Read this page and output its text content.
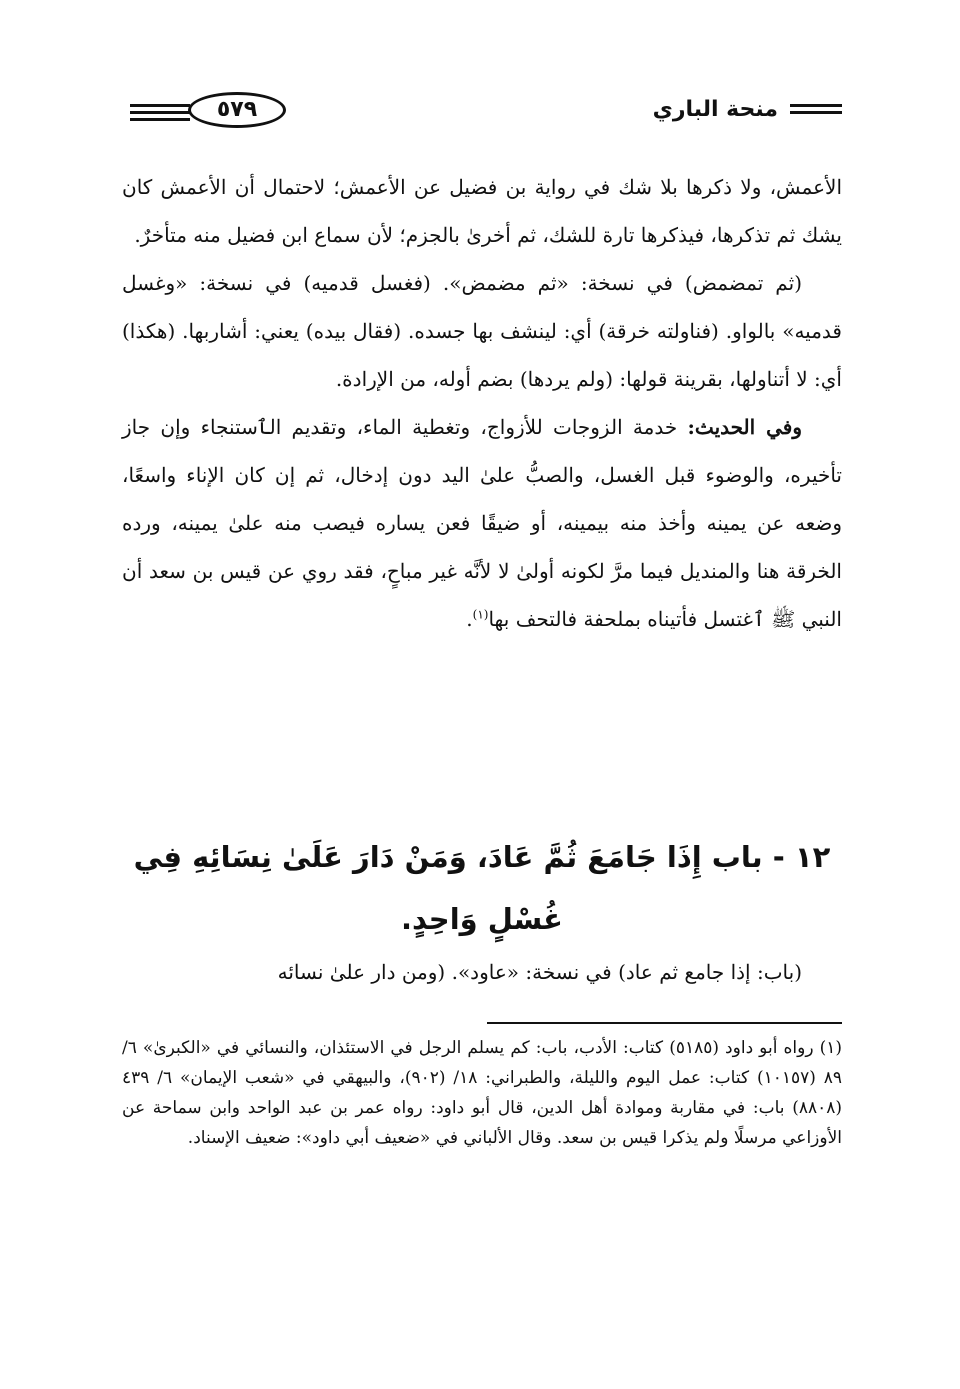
٥٧٩	منحة الباري

الأعمش، ولا ذكرها بلا شك في رواية بن فضيل عن الأعمش؛ لاحتمال أن الأعمش كان يشك ثم تذكرها، فيذكرها تارة للشك، ثم أخرىٰ بالجزم؛ لأن سماع ابن فضيل منه متأخرٌ.

(ثم تمضمض) في نسخة: «ثم مضمض». (فغسل قدميه) في نسخة: «وغسل قدميه» بالواو. (فناولته خرقة) أي: لينشف بها جسده. (فقال بيده) يعني: أشاربها. (هكذا) أي: لا أتناولها، بقرينة قولها: (ولم يردها) بضم أوله، من الإرادة.

وفي الحديث: خدمة الزوجات للأزواج، وتغطية الماء، وتقديم الٱستنجاء وإن جاز تأخيره، والوضوء قبل الغسل، والصبُّ علىٰ اليد دون إدخال، ثم إن كان الإناء واسعًا، وضعه عن يمينه وأخذ منه بيمينه، أو ضيقًا فعن يساره فيصب منه علىٰ يمينه، ورده الخرقة هنا والمنديل فيما مرَّ لكونه أولىٰ لا لأنَّه غير مباحٍ، فقد روي عن قيس بن سعد أن النبي ﷺ ٱغتسل فأتيناه بملحفة فالتحف بها$^{(١)}$.

١٢ - باب إِذَا جَامَعَ ثُمَّ عَادَ، وَمَنْ دَارَ عَلَىٰ نِسَائِهِ فِي غُسْلٍ وَاحِدٍ.
(باب: إذا جامع ثم عاد) في نسخة: «عاود». (ومن دار علىٰ نسائه

(١) رواه أبو داود (٥١٨٥) كتاب: الأدب، باب: كم يسلم الرجل في الاستئذان، والنسائي في «الكبرىٰ» ٦/ ٨٩ (١٠١٥٧) كتاب: عمل اليوم والليلة، والطبراني: ١٨/ (٩٠٢)، والبيهقي في «شعب الإيمان» ٦/ ٤٣٩ (٨٨٠٨) باب: في مقاربة وموادة أهل الدين، قال أبو داود: رواه عمر بن عبد الواحد وابن سماحة عن الأوزاعي مرسلًا ولم يذكرا قيس بن سعد. وقال الألباني في «ضعيف أبي داود»: ضعيف الإسناد.
